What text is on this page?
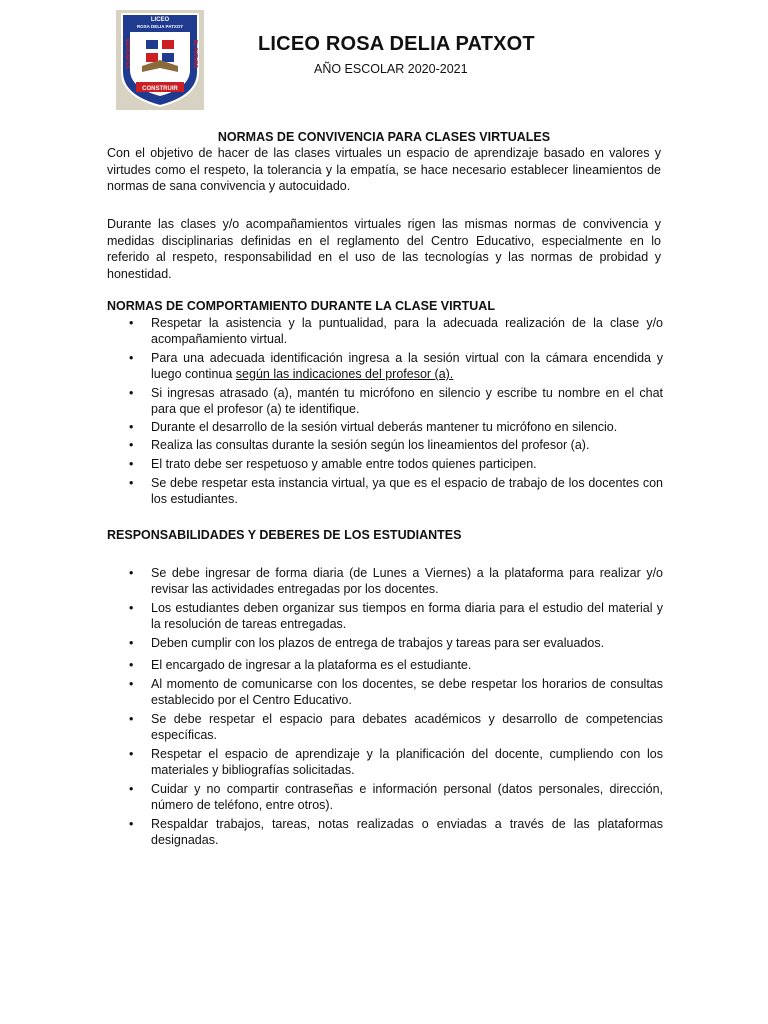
LICEO
ROSA DELIA PATXOT
EDUCAR ES	EL FUTURO
CONSTRUIR
LICEO ROSA DELIA PATXOT
AÑO ESCOLAR 2020-2021
NORMAS DE CONVIVENCIA PARA CLASES VIRTUALES

Con el objetivo de hacer de las clases virtuales un espacio de aprendizaje basado en valores y virtudes como el respeto, la tolerancia y la empatía, se hace necesario establecer lineamientos de normas de sana convivencia y autocuidado.

Durante las clases y/o acompañamientos virtuales rigen las mismas normas de convivencia y medidas disciplinarias definidas en el reglamento del Centro Educativo, especialmente en lo referido al respeto, responsabilidad en el uso de las tecnologías y las normas de probidad y honestidad.

NORMAS DE COMPORTAMIENTO DURANTE LA CLASE VIRTUAL
• Respetar la asistencia y la puntualidad, para la adecuada realización de la clase y/o acompañamiento virtual.
• Para una adecuada identificación ingresa a la sesión virtual con la cámara encendida y luego continua según las indicaciones del profesor (a).
• Si ingresas atrasado (a), mantén tu micrófono en silencio y escribe tu nombre en el chat para que el profesor (a) te identifique.
• Durante el desarrollo de la sesión virtual deberás mantener tu micrófono en silencio.
• Realiza las consultas durante la sesión según los lineamientos del profesor (a).
• El trato debe ser respetuoso y amable entre todos quienes participen.
• Se debe respetar esta instancia virtual, ya que es el espacio de trabajo de los docentes con los estudiantes.
RESPONSABILIDADES Y DEBERES DE LOS ESTUDIANTES
• Se debe ingresar de forma diaria (de Lunes a Viernes) a la plataforma para realizar y/o revisar las actividades entregadas por los docentes.
• Los estudiantes deben organizar sus tiempos en forma diaria para el estudio del material y la resolución de tareas entregadas.
• Deben cumplir con los plazos de entrega de trabajos y tareas para ser evaluados.
• El encargado de ingresar a la plataforma es el estudiante.
• Al momento de comunicarse con los docentes, se debe respetar los horarios de consultas establecido por el Centro Educativo.
• Se debe respetar el espacio para debates académicos y desarrollo de competencias específicas.
• Respetar el espacio de aprendizaje y la planificación del docente, cumpliendo con los materiales y bibliografías solicitadas.
• Cuidar y no compartir contraseñas e información personal (datos personales, dirección, número de teléfono, entre otros).
• Respaldar trabajos, tareas, notas realizadas o enviadas a través de las plataformas designadas.
